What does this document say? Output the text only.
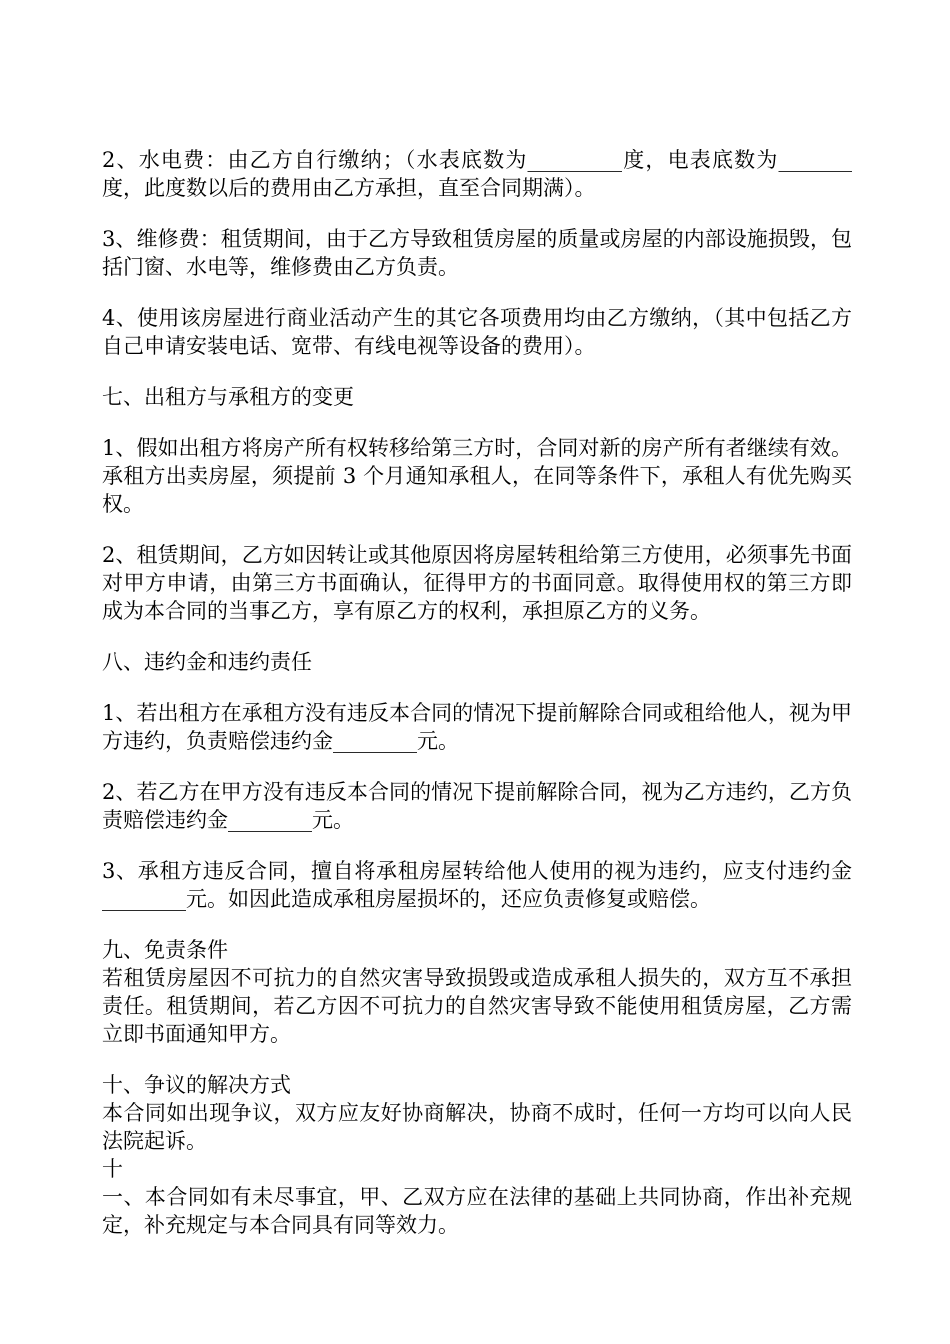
2、水电费：由乙方自行缴纳；（水表底数为_________度，电表底数为_______度，此度数以后的费用由乙方承担，直至合同期满）。

3、维修费：租赁期间，由于乙方导致租赁房屋的质量或房屋的内部设施损毁，包括门窗、水电等，维修费由乙方负责。

4、使用该房屋进行商业活动产生的其它各项费用均由乙方缴纳，（其中包括乙方自己申请安装电话、宽带、有线电视等设备的费用）。

七、出租方与承租方的变更

1、假如出租方将房产所有权转移给第三方时，合同对新的房产所有者继续有效。承租方出卖房屋，须提前 3 个月通知承租人，在同等条件下，承租人有优先购买权。

2、租赁期间，乙方如因转让或其他原因将房屋转租给第三方使用，必须事先书面对甲方申请，由第三方书面确认，征得甲方的书面同意。取得使用权的第三方即成为本合同的当事乙方，享有原乙方的权利，承担原乙方的义务。

八、违约金和违约责任

1、若出租方在承租方没有违反本合同的情况下提前解除合同或租给他人，视为甲方违约，负责赔偿违约金________元。

2、若乙方在甲方没有违反本合同的情况下提前解除合同，视为乙方违约，乙方负责赔偿违约金________元。

3、承租方违反合同，擅自将承租房屋转给他人使用的视为违约，应支付违约金________元。如因此造成承租房屋损坏的，还应负责修复或赔偿。

九、免责条件

若租赁房屋因不可抗力的自然灾害导致损毁或造成承租人损失的，双方互不承担责任。租赁期间，若乙方因不可抗力的自然灾害导致不能使用租赁房屋，乙方需立即书面通知甲方。

十、争议的解决方式

本合同如出现争议，双方应友好协商解决，协商不成时，任何一方均可以向人民法院起诉。

十

一、本合同如有未尽事宜，甲、乙双方应在法律的基础上共同协商，作出补充规定，补充规定与本合同具有同等效力。
